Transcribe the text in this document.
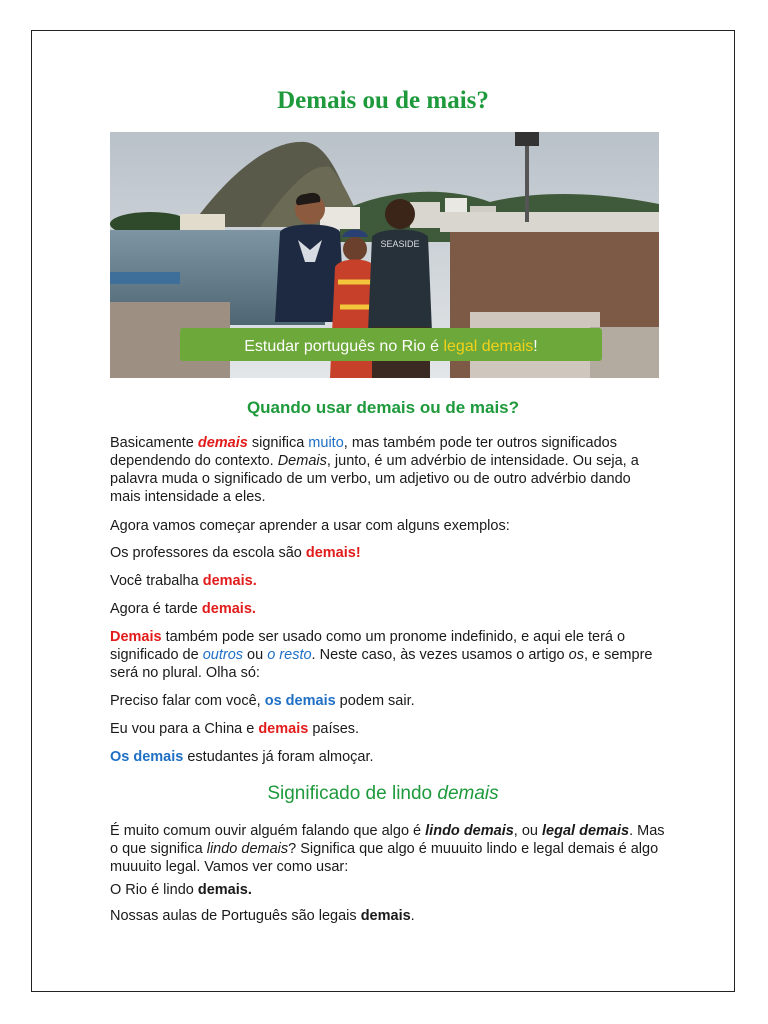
Demais ou de mais?
SEASIDE
Estudar português no Rio é legal demais!
Quando usar demais ou de mais?
Basicamente demais significa muito, mas também pode ter outros significados dependendo do contexto. Demais, junto, é um advérbio de intensidade. Ou seja, a palavra muda o significado de um verbo, um adjetivo ou de outro advérbio dando mais intensidade a eles.
Agora vamos começar aprender a usar com alguns exemplos:
Os professores da escola são demais!
Você trabalha demais.
Agora é tarde demais.
Demais também pode ser usado como um pronome indefinido, e aqui ele terá o significado de outros ou o resto. Neste caso, às vezes usamos o artigo os, e sempre será no plural. Olha só:
Preciso falar com você, os demais podem sair.
Eu vou para a China e demais países.
Os demais estudantes já foram almoçar.
Significado de lindo demais
É muito comum ouvir alguém falando que algo é lindo demais, ou legal demais. Mas o que significa lindo demais? Significa que algo é muuuito lindo e legal demais é algo muuuito legal. Vamos ver como usar:
O Rio é lindo demais.
Nossas aulas de Português são legais demais.
